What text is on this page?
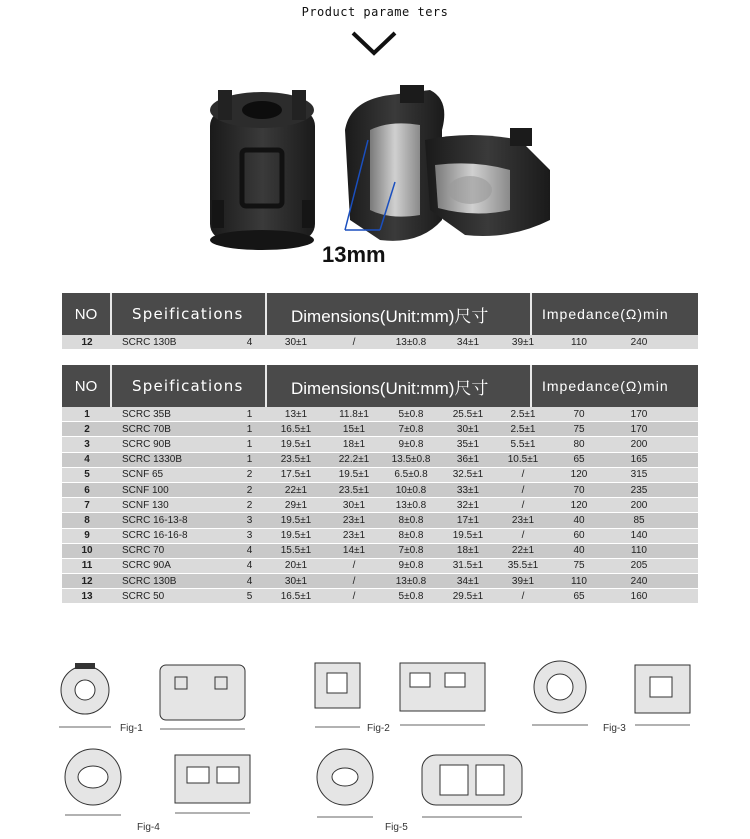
Product parame ters
13mm
NO	Speifications	Dimensions(Unit:mm)尺寸	Impedance(Ω)min
12	SCRC 130B	4	30±1	/	13±0.8	34±1	39±1	110	240
NO	Speifications	Dimensions(Unit:mm)尺寸	Impedance(Ω)min
1	SCRC 35B	1	13±1	11.8±1	5±0.8	25.5±1	2.5±1	70	170
2	SCRC 70B	1	16.5±1	15±1	7±0.8	30±1	2.5±1	75	170
3	SCRC 90B	1	19.5±1	18±1	9±0.8	35±1	5.5±1	80	200
4	SCRC 1330B	1	23.5±1	22.2±1	13.5±0.8	36±1	10.5±1	65	165
5	SCNF 65	2	17.5±1	19.5±1	6.5±0.8	32.5±1	/	120	315
6	SCNF 100	2	22±1	23.5±1	10±0.8	33±1	/	70	235
7	SCNF 130	2	29±1	30±1	13±0.8	32±1	/	120	200
8	SCRC 16-13-8	3	19.5±1	23±1	8±0.8	17±1	23±1	40	85
9	SCRC 16-16-8	3	19.5±1	23±1	8±0.8	19.5±1	/	60	140
10	SCRC 70	4	15.5±1	14±1	7±0.8	18±1	22±1	40	110
11	SCRC 90A	4	20±1	/	9±0.8	31.5±1	35.5±1	75	205
12	SCRC 130B	4	30±1	/	13±0.8	34±1	39±1	110	240
13	SCRC 50	5	16.5±1	/	5±0.8	29.5±1	/	65	160
Fig-1	Fig-2	Fig-3
Fig-4	Fig-5
